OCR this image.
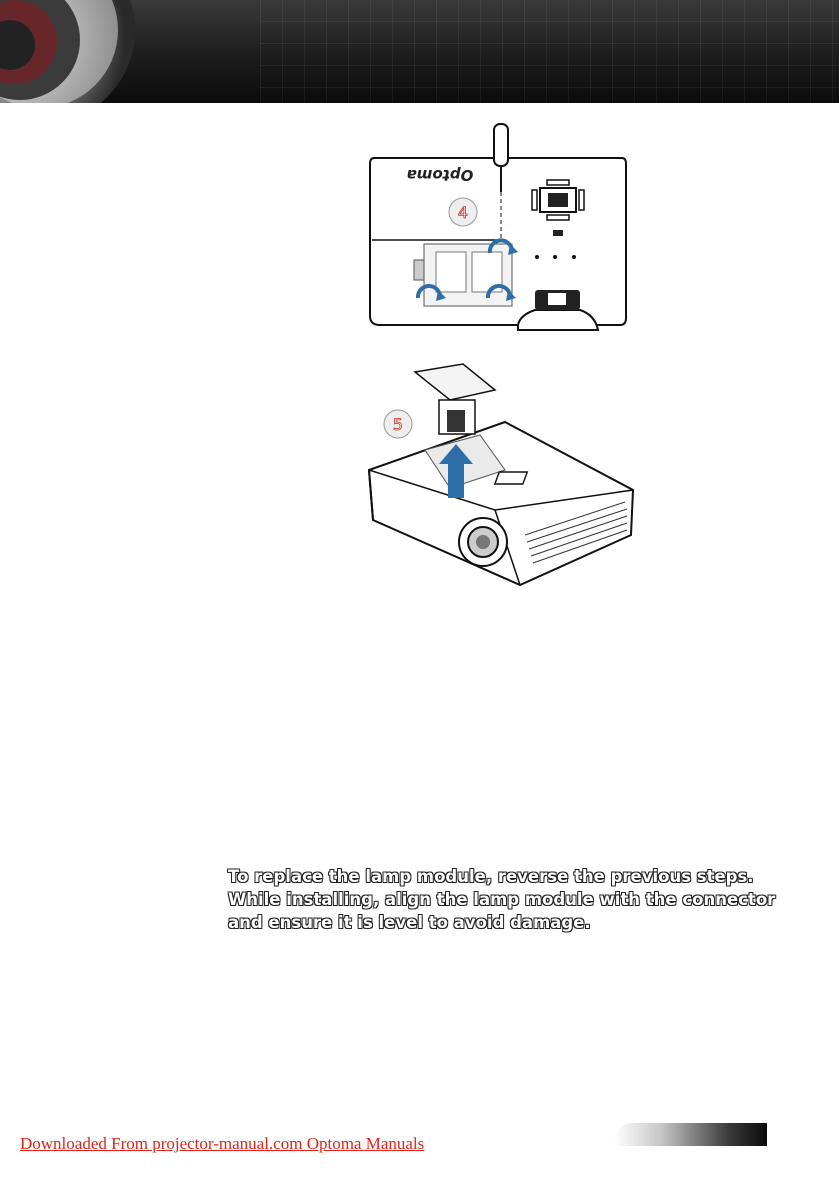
Optoma
4
5

To replace the lamp module, reverse the previous steps. While installing, align the lamp module with the connector and ensure it is level to avoid damage.

Downloaded From projector-manual.com Optoma Manuals
